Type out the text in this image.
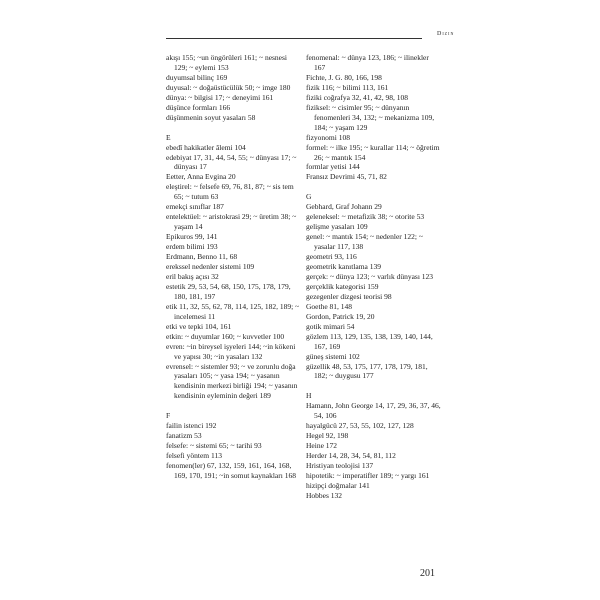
Dizin

akışı 155; ~un öngörüleri 161; ~ nesnesi 129; ~ eylemi 153

duyumsal bilinç 169

duyusal: ~ doğaüstücülük 50; ~ imge 180

dünya: ~ bilgisi 17; ~ deneyimi 161

düşünce formları 166

düşünmenin soyut yasaları 58

E

ebedî hakikatler âlemi 104

edebiyat 17, 31, 44, 54, 55; ~ dünyası 17; ~ dünyası 17

Eetter, Anna Evgina 20

eleştirel: ~ felsefe 69, 76, 81, 87; ~ sis tem 65; ~ tutum 63

emekçi sınıflar 187

entelektüel: ~ aristokrasi 29; ~ üretim 38; ~ yaşam 14

Epikuros 99, 141

erdem bilimi 193

Erdmann, Benno 11, 68

erekssel nedenler sistemi 109

eril bakış açısı 32

estetik 29, 53, 54, 68, 150, 175, 178, 179, 180, 181, 197

etik 11, 32, 55, 62, 78, 114, 125, 182, 189; ~ incelemesi 11

etki ve tepki 104, 161

etkin: ~ duyumlar 160; ~ kuvvetler 100

evren: ~in bireysel işyeleri 144; ~in kökeni ve yapısı 30; ~in yasaları 132

evrensel: ~ sistemler 93; ~ ve zorunlu doğa yasaları 105; ~ yasa 194; ~ yasanın kendisinin merkezi birliği 194; ~ yasanın kendisinin eyleminin değeri 189

F

failin istenci 192

fanatizm 53

felsefe: ~ sistemi 65; ~ tarihi 93

felsefi yöntem 113

fenomen(ler) 67, 132, 159, 161, 164, 168, 169, 170, 191; ~in somut kaynakları 168

fenomenal: ~ dünya 123, 186; ~ ilinekler 167

Fichte, J. G. 80, 166, 198

fizik 116; ~ bilimi 113, 161

fiziki coğrafya 32, 41, 42, 98, 108

fiziksel: ~ cisimler 95; ~ dünyanın fenomenleri 34, 132; ~ mekanizma 109, 184; ~ yaşam 129

fizyonomi 108

formel: ~ ilke 195; ~ kurallar 114; ~ öğretim 26; ~ mantık 154

formlar yetisi 144

Fransız Devrimi 45, 71, 82

G

Gebhard, Graf Johann 29

geleneksel: ~ metafizik 38; ~ otorite 53

gelişme yasaları 109

genel: ~ mantık 154; ~ nedenler 122; ~ yasalar 117, 138

geometri 93, 116

geometrik kanıtlama 139

gerçek: ~ dünya 123; ~ varlık dünyası 123

gerçeklik kategorisi 159

gezegenler dizgesi teorisi 98

Goethe 81, 148

Gordon, Patrick 19, 20

gotik mimari 54

gözlem 113, 129, 135, 138, 139, 140, 144, 167, 169

güneş sistemi 102

güzellik 48, 53, 175, 177, 178, 179, 181, 182; ~ duygusu 177

H

Hamann, John George 14, 17, 29, 36, 37, 46, 54, 106

hayalgücü 27, 53, 55, 102, 127, 128

Hegel 92, 198

Heine 172

Herder 14, 28, 34, 54, 81, 112

Hristiyan teolojisi 137

hipotetik: ~ imperatifler 189; ~ yargı 161

hizipçi doğmalar 141

Hobbes 132

201
